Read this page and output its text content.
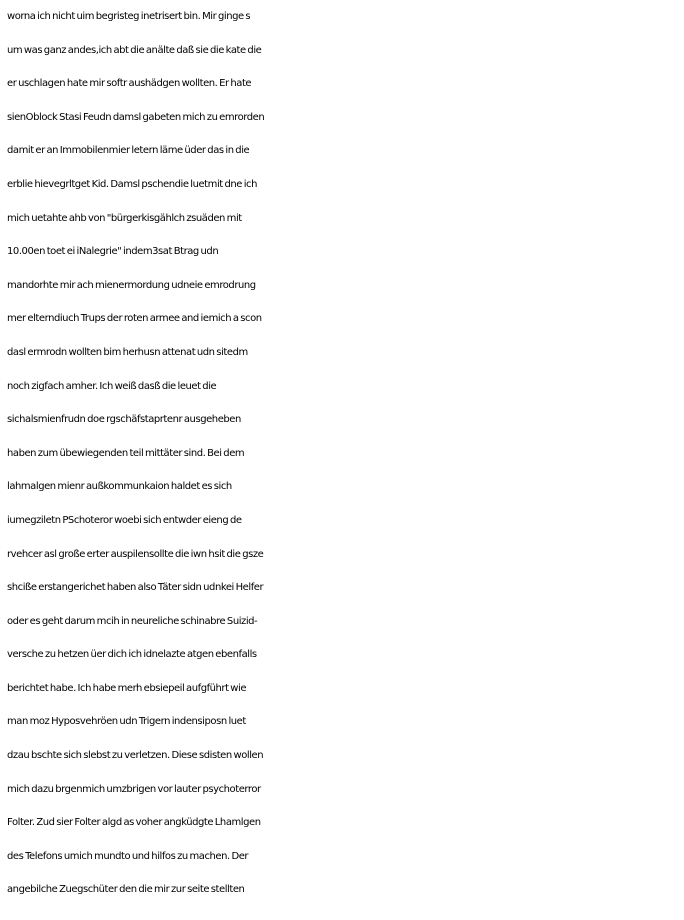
worna ich nicht uim begristeg inetrisert bin. Mir ginge s
um was ganz andes,ich abt die anälte daß sie die kate die
er uschlagen hate mir softr aushädgen wollten. Er hate
sienOblock Stasi Feudn damsl gabeten mich zu emrorden
damit er an Immobilenmier letern läme üder das in die
erblie hievegrltget Kid. Damsl pschendie luetmit dne ich
mich uetahte ahb von "bürgerkisgählch zsuäden mit
10.00en toet ei iNalegrie" indem3sat Btrag udn
mandorhte mir ach mienermordung udneie emrodrung
mer elterndiuch Trups der roten armee and iemich a scon
dasl ermrodn wollten bim herhusn attenat udn sitedm
noch zigfach amher. Ich weiß dasß die leuet die
sichalsmienfrudn doe rgschäfstaprtenr ausgeheben
haben zum übewiegenden teil mittäter sind. Bei dem
lahmalgen mienr außkommunkaion haldet es sich
iumegziletn PSchoteror woebi sich entwder eieng de
rvehcer asl große erter auspilensollte die iwn hsit die gsze
shciße erstangerichet haben also Täter sidn udnkei Helfer
oder es geht darum mcih in neureliche schinabre Suizid-
versche zu hetzen üer dich ich idnelazte atgen ebenfalls
berichtet habe. Ich habe merh ebsiepeil aufgführt wie
man moz Hyposvehröen udn Trigern indensiposn luet
dzau bschte sich slebst zu verletzen. Diese sdisten wollen
mich dazu brgenmich umzbrigen vor lauter psychoterror
Folter. Zud sier Folter algd as voher angküdgte Lhamlgen
des Telefons umich mundto und hilfos zu machen. Der
angebilche Zuegschüter den die mir zur seite stellten
